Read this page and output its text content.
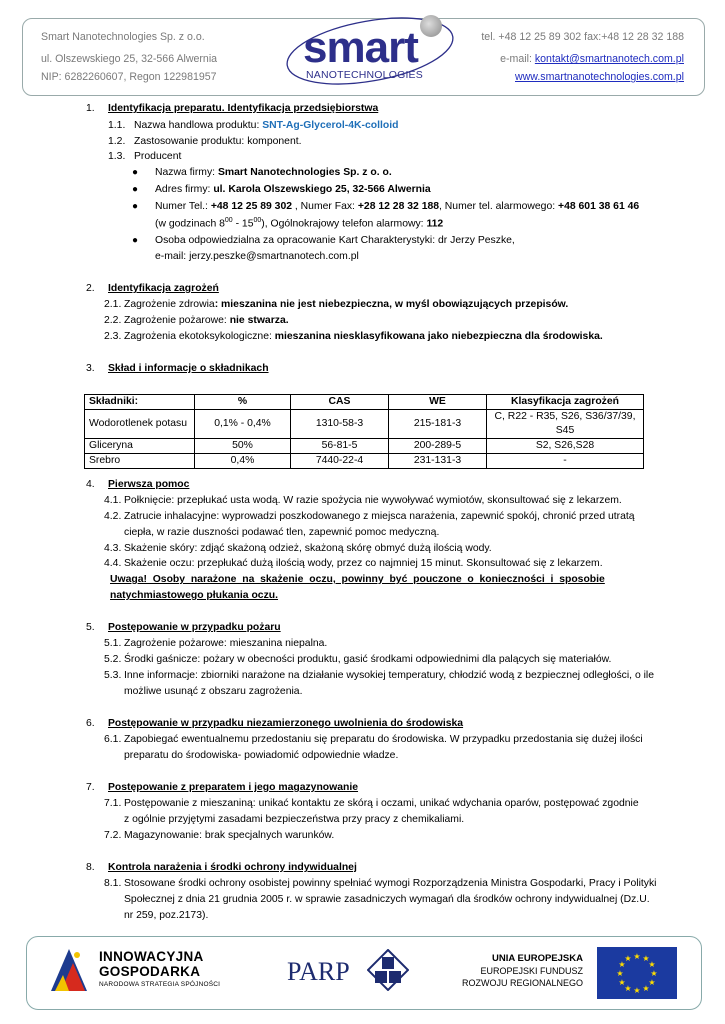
Smart Nanotechnologies Sp. z o.o.
ul. Olszewskiego 25, 32-566 Alwernia
NIP: 6282260607, Regon 122981957
smart
NANOTECHNOLOGIES
tel. +48 12 25 89 302 fax:+48 12 28 32 188
e-mail: kontakt@smartnanotech.com.pl
www.smartnanotechnologies.com.pl
1. Identyfikacja preparatu. Identyfikacja przedsiębiorstwa
1.1. Nazwa handlowa produktu: SNT-Ag-Glycerol-4K-colloid
1.2. Zastosowanie produktu: komponent.
1.3. Producent
● Nazwa firmy: Smart Nanotechnologies Sp. z o. o.
● Adres firmy: ul. Karola Olszewskiego 25, 32-566 Alwernia
● Numer Tel.: +48 12 25 89 302 , Numer Fax: +28 12 28 32 188, Numer tel. alarmowego: +48 601 38 61 46
(w godzinach $8^{00} - 15^{00}$), Ogólnokrajowy telefon alarmowy: 112
● Osoba odpowiedzialna za opracowanie Kart Charakterystyki: dr Jerzy Peszke,
e-mail: jerzy.peszke@smartnanotech.com.pl
2. Identyfikacja zagrożeń
2.1. Zagrożenie zdrowia: mieszanina nie jest niebezpieczna, w myśl obowiązujących przepisów.
2.2. Zagrożenie pożarowe: nie stwarza.
2.3. Zagrożenia ekotoksykologiczne: mieszanina niesklasyfikowana jako niebezpieczna dla środowiska.
3. Skład i informacje o składnikach
Składniki:	%	CAS	WE	Klasyfikacja zagrożeń
Wodorotlenek potasu	0,1% - 0,4%	1310-58-3	215-181-3	C, R22 - R35, S26, S36/37/39, S45
Gliceryna	50%	56-81-5	200-289-5	S2, S26,S28
Srebro	0,4%	7440-22-4	231-131-3	-
4. Pierwsza pomoc
4.1. Połknięcie: przepłukać usta wodą. W razie spożycia nie wywoływać wymiotów, skonsultować się z lekarzem.
4.2. Zatrucie inhalacyjne: wyprowadzi poszkodowanego z miejsca narażenia, zapewnić spokój, chronić przed utratą
ciepła, w razie duszności podawać tlen, zapewnić pomoc medyczną.
4.3. Skażenie skóry: zdjąć skażoną odzież, skażoną skórę obmyć dużą ilością wody.
4.4. Skażenie oczu: przepłukać dużą ilością wody, przez co najmniej 15 minut. Skonsultować się z lekarzem.
Uwaga!  Osoby  narażone  na  skażenie  oczu,  powinny  być  pouczone  o  konieczności  i  sposobie
natychmiastowego płukania oczu.
5. Postępowanie w przypadku pożaru
5.1. Zagrożenie pożarowe: mieszanina niepalna.
5.2. Środki gaśnicze: pożary w obecności produktu, gasić środkami odpowiednimi dla palących się materiałów.
5.3. Inne informacje: zbiorniki narażone na działanie wysokiej temperatury, chłodzić wodą z bezpiecznej odległości, o ile
możliwe usunąć z obszaru zagrożenia.
6. Postępowanie w przypadku niezamierzonego uwolnienia do środowiska
6.1. Zapobiegać ewentualnemu przedostaniu się preparatu do środowiska. W przypadku przedostania się dużej ilości
preparatu do środowiska- powiadomić odpowiednie władze.
7. Postępowanie z preparatem i jego magazynowanie
7.1. Postępowanie z mieszaniną: unikać kontaktu ze skórą i oczami, unikać wdychania oparów, postępować zgodnie
z ogólnie przyjętymi zasadami bezpieczeństwa przy pracy z chemikaliami.
7.2. Magazynowanie: brak specjalnych warunków.
8. Kontrola narażenia i środki ochrony indywidualnej
8.1. Stosowane środki ochrony osobistej powinny spełniać wymogi Rozporządzenia Ministra Gospodarki, Pracy i Polityki
Społecznej z dnia 21 grudnia 2005 r. w sprawie zasadniczych wymagań dla środków ochrony indywidualnej (Dz.U.
nr 259, poz.2173).
INNOWACYJNA
GOSPODARKA
NARODOWA STRATEGIA SPÓJNOŚCI	PARP	UNIA EUROPEJSKA
EUROPEJSKI FUNDUSZ
ROZWOJU REGIONALNEGO
★ ★
★
★
★
★
★
★
★
★
★
★
